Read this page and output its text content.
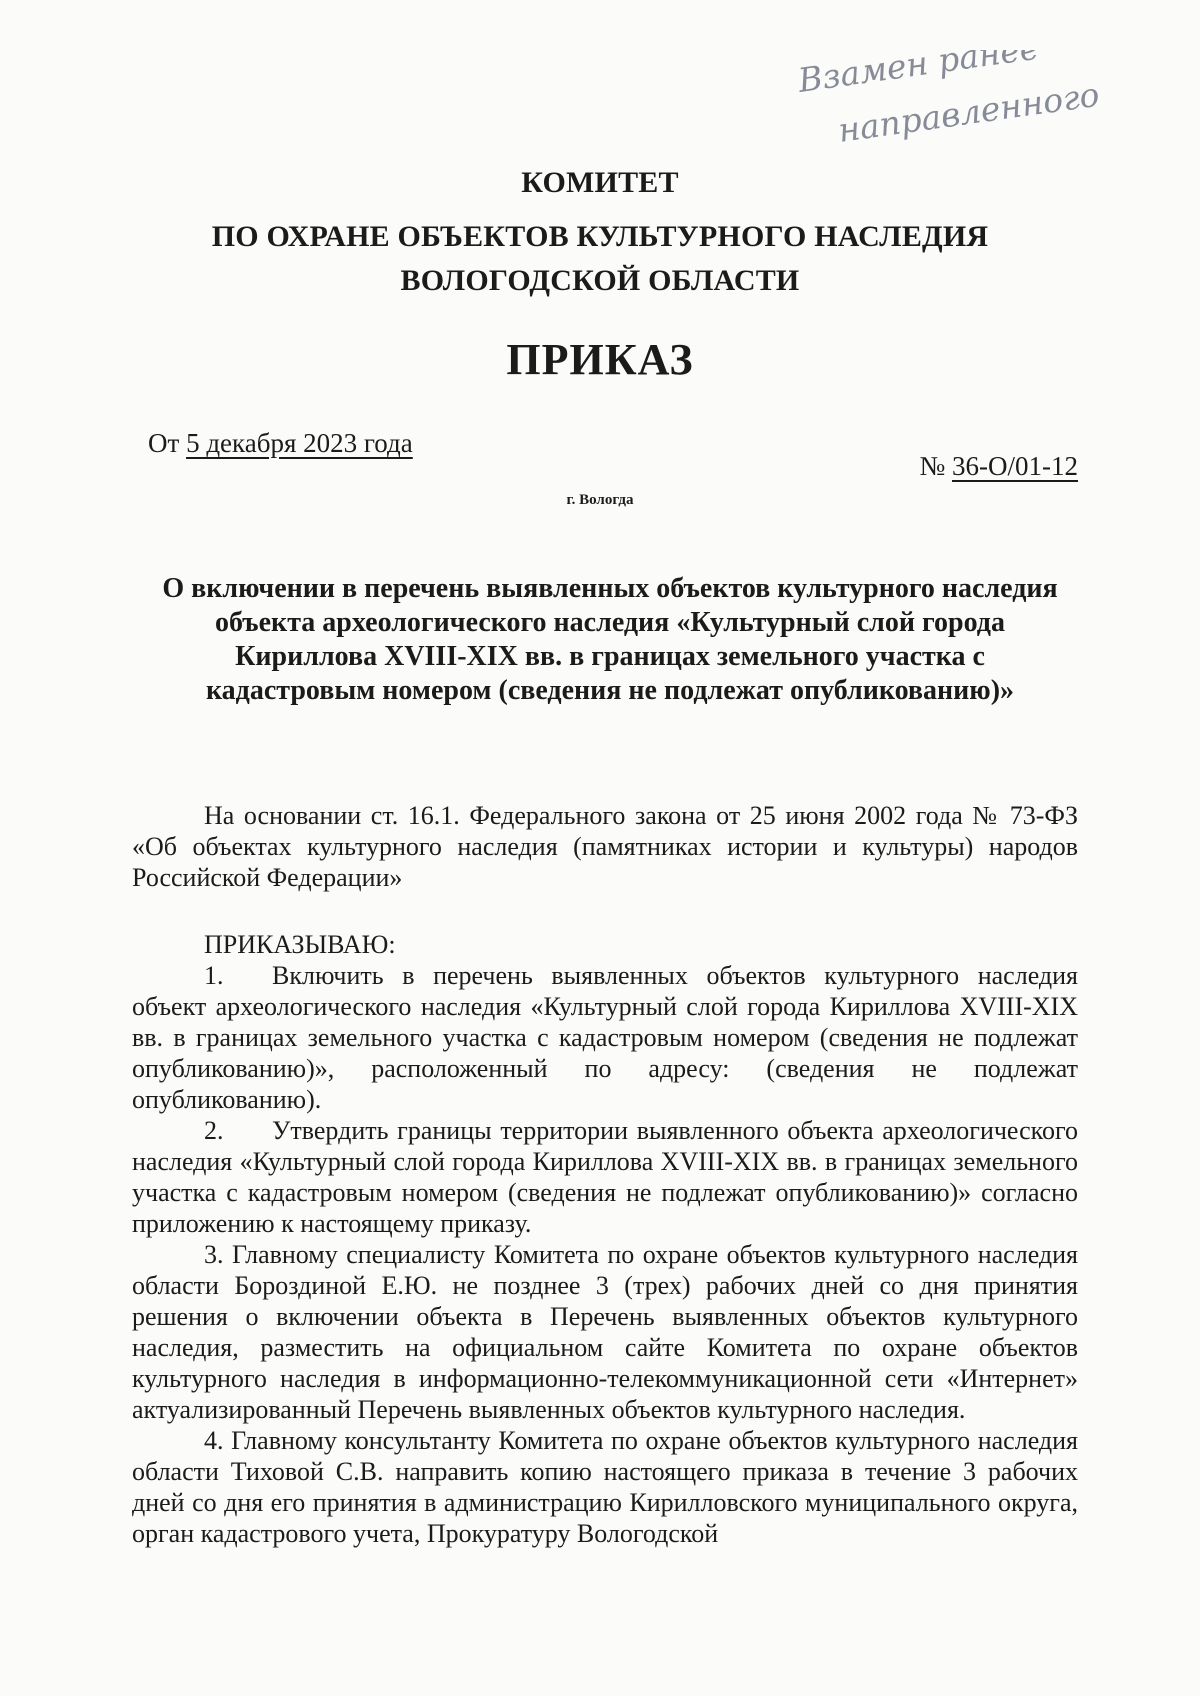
Взамен ранее
направленного
КОМИТЕТ
ПО ОХРАНЕ ОБЪЕКТОВ КУЛЬТУРНОГО НАСЛЕДИЯ
ВОЛОГОДСКОЙ ОБЛАСТИ
ПРИКАЗ
От 5 декабря 2023 года
№ 36-О/01-12
г. Вологда
О включении в перечень выявленных объектов культурного наследия объекта археологического наследия «Культурный слой города Кириллова XVIII-XIX вв. в границах земельного участка с кадастровым номером (сведения не подлежат опубликованию)»

На основании ст. 16.1. Федерального закона от 25 июня 2002 года № 73-ФЗ «Об объектах культурного наследия (памятниках истории и культуры) народов Российской Федерации»

ПРИКАЗЫВАЮ:

1. Включить в перечень выявленных объектов культурного наследия объект археологического наследия «Культурный слой города Кириллова XVIII-XIX вв. в границах земельного участка с кадастровым номером (сведения не подлежат опубликованию)», расположенный по адресу: (сведения не подлежат опубликованию).

2. Утвердить границы территории выявленного объекта археологического наследия «Культурный слой города Кириллова XVIII-XIX вв. в границах земельного участка с кадастровым номером (сведения не подлежат опубликованию)» согласно приложению к настоящему приказу.

3. Главному специалисту Комитета по охране объектов культурного наследия области Бороздиной Е.Ю. не позднее 3 (трех) рабочих дней со дня принятия решения о включении объекта в Перечень выявленных объектов культурного наследия, разместить на официальном сайте Комитета по охране объектов культурного наследия в информационно-телекоммуникационной сети «Интернет» актуализированный Перечень выявленных объектов культурного наследия.

4. Главному консультанту Комитета по охране объектов культурного наследия области Тиховой С.В. направить копию настоящего приказа в течение 3 рабочих дней со дня его принятия в администрацию Кирилловского муниципального округа, орган кадастрового учета, Прокуратуру Вологодской
